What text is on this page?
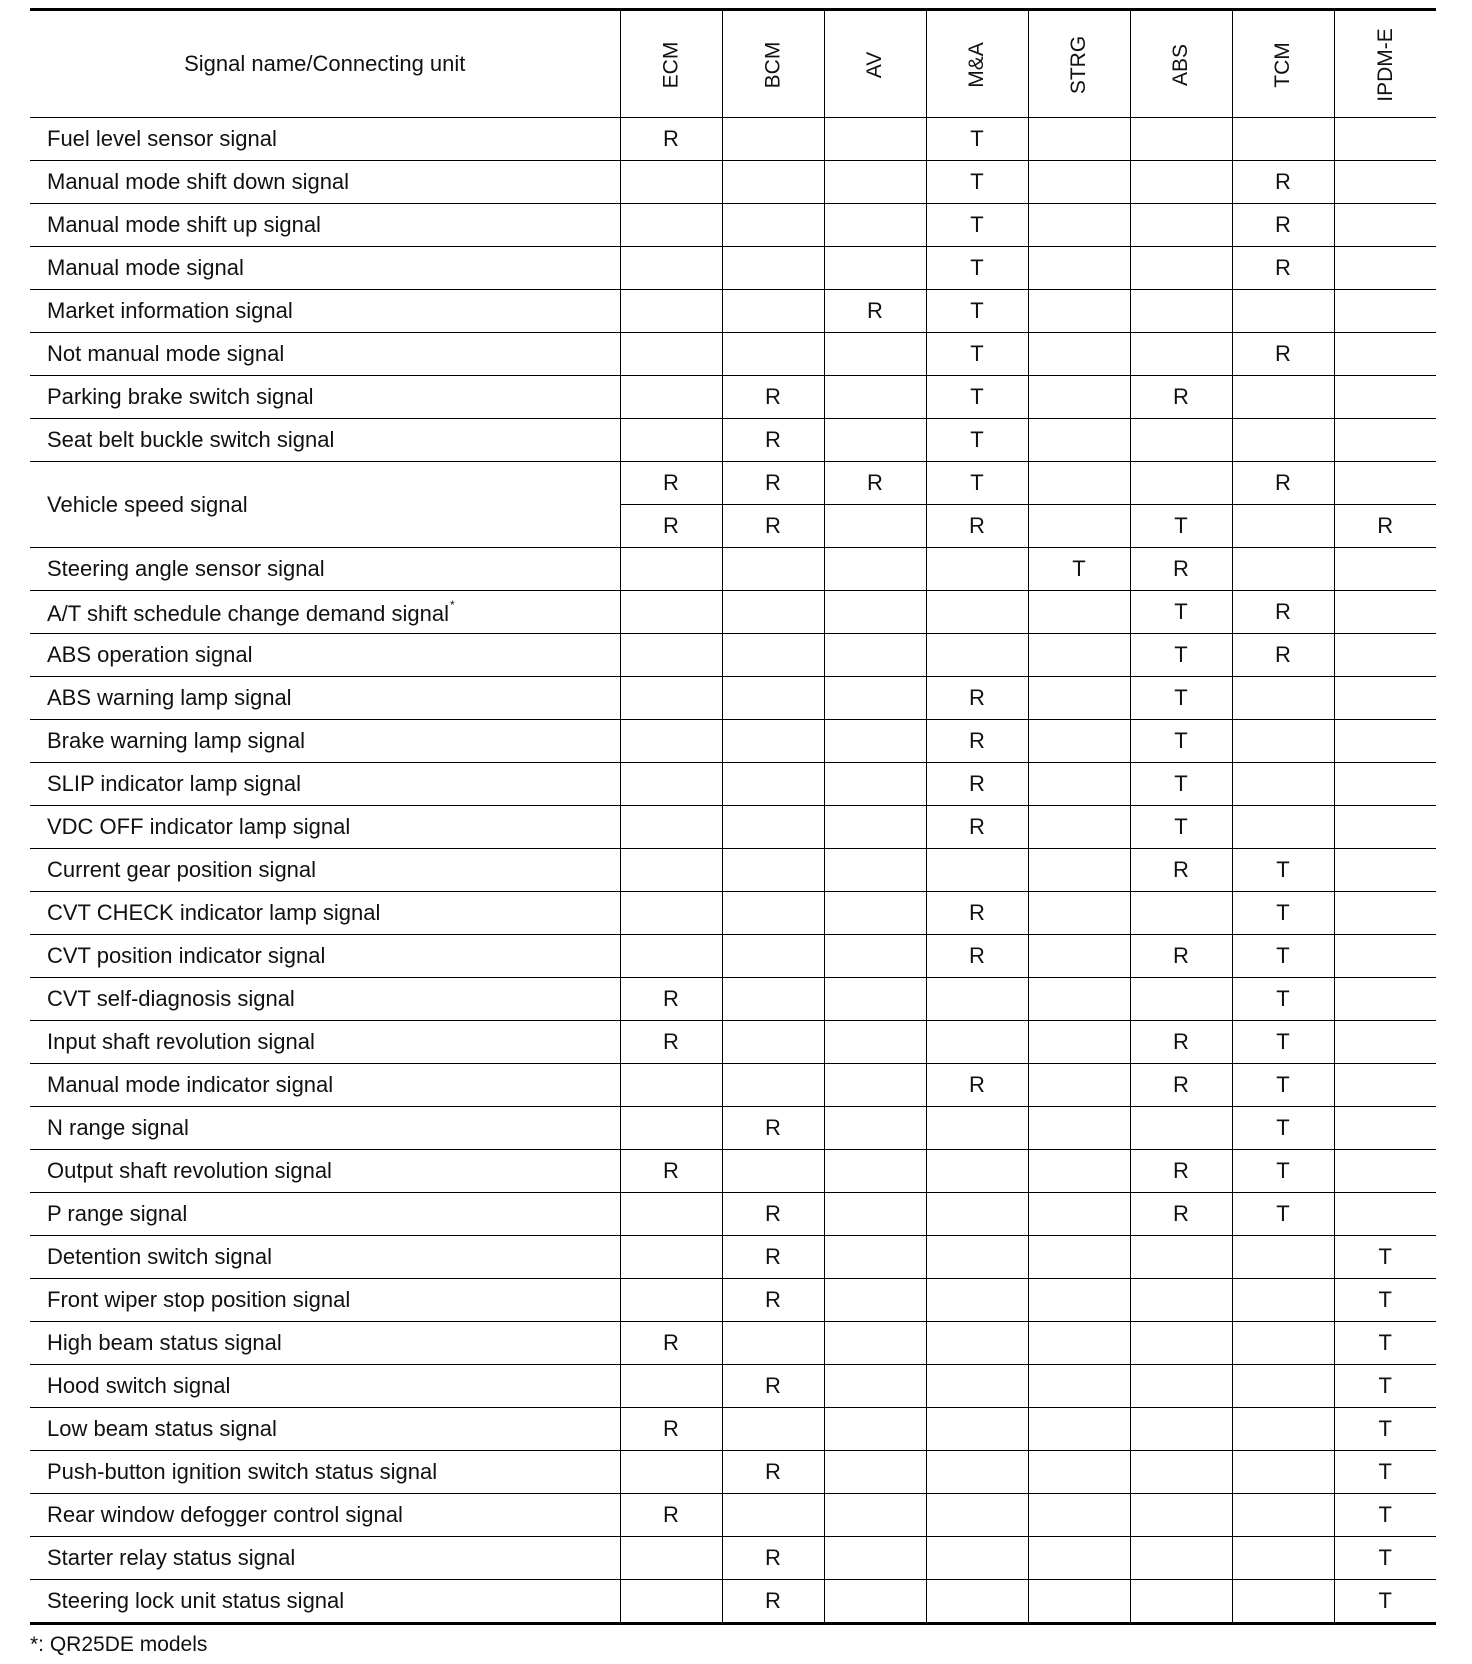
Signal name/Connecting unit	ECM	BCM	AV	M&A	STRG	ABS	TCM	IPDM-E
Fuel level sensor signal	R			T				

Manual mode shift down signal				T			R	

Manual mode shift up signal				T			R	

Manual mode signal				T			R	

Market information signal			R	T				

Not manual mode signal				T			R	

Parking brake switch signal		R		T		R		

Seat belt buckle switch signal		R		T				

Vehicle speed signal	R	R	R	T			R	

	R	R		R		T		R

Steering angle sensor signal					T	R		

A/T shift schedule change demand signal*						T	R	

ABS operation signal						T	R	

ABS warning lamp signal				R		T		

Brake warning lamp signal				R		T		

SLIP indicator lamp signal				R		T		

VDC OFF indicator lamp signal				R		T		

Current gear position signal						R	T	

CVT CHECK indicator lamp signal				R			T	

CVT position indicator signal				R		R	T	

CVT self-diagnosis signal	R						T	

Input shaft revolution signal	R					R	T	

Manual mode indicator signal				R		R	T	

N range signal		R					T	

Output shaft revolution signal	R					R	T	

P range signal		R				R	T	

Detention switch signal		R						T

Front wiper stop position signal		R						T

High beam status signal	R							T

Hood switch signal		R						T

Low beam status signal	R							T

Push-button ignition switch status signal		R						T

Rear window defogger control signal	R							T

Starter relay status signal		R						T

Steering lock unit status signal		R						T
*: QR25DE models
